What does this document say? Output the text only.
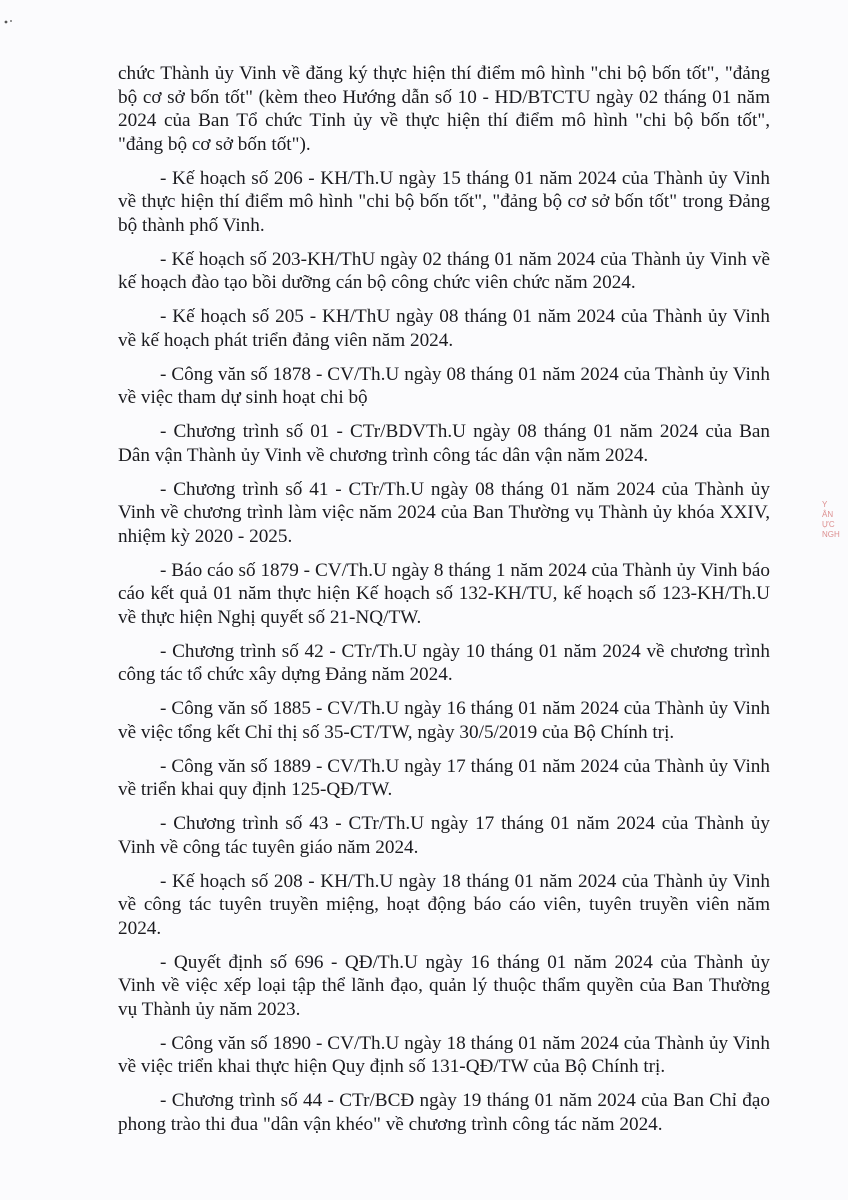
chức Thành ủy Vinh về đăng ký thực hiện thí điểm mô hình "chi bộ bốn tốt", "đảng bộ cơ sở bốn tốt" (kèm theo Hướng dẫn số 10 - HD/BTCTU ngày 02 tháng 01 năm 2024 của Ban Tổ chức Tỉnh ủy về thực hiện thí điểm mô hình "chi bộ bốn tốt", "đảng bộ cơ sở bốn tốt").

- Kế hoạch số 206 - KH/Th.U ngày 15 tháng 01 năm 2024 của Thành ủy Vinh về thực hiện thí điểm mô hình "chi bộ bốn tốt", "đảng bộ cơ sở bốn tốt" trong Đảng bộ thành phố Vinh.

- Kế hoạch số 203-KH/ThU ngày 02 tháng 01 năm 2024 của Thành ủy Vinh về kế hoạch đào tạo bồi dưỡng cán bộ công chức viên chức năm 2024.

- Kế hoạch số 205 - KH/ThU ngày 08 tháng 01 năm 2024 của Thành ủy Vinh về kế hoạch phát triển đảng viên năm 2024.

- Công văn số 1878 - CV/Th.U ngày 08 tháng 01 năm 2024 của Thành ủy Vinh về việc tham dự sinh hoạt chi bộ

- Chương trình số 01 - CTr/BDVTh.U ngày 08 tháng 01 năm 2024 của Ban Dân vận Thành ủy Vinh về chương trình công tác dân vận năm 2024.

- Chương trình số 41 - CTr/Th.U ngày 08 tháng 01 năm 2024 của Thành ủy Vinh về chương trình làm việc năm 2024 của Ban Thường vụ Thành ủy khóa XXIV, nhiệm kỳ 2020 - 2025.

- Báo cáo số 1879 - CV/Th.U ngày 8 tháng 1 năm 2024 của Thành ủy Vinh báo cáo kết quả 01 năm thực hiện Kế hoạch số 132-KH/TU, kế hoạch số 123-KH/Th.U về thực hiện Nghị quyết số 21-NQ/TW.

- Chương trình số 42 - CTr/Th.U ngày 10 tháng 01 năm 2024 về chương trình công tác tổ chức xây dựng Đảng năm 2024.

- Công văn số 1885 - CV/Th.U ngày 16 tháng 01 năm 2024 của Thành ủy Vinh về việc tổng kết Chỉ thị số 35-CT/TW, ngày 30/5/2019 của Bộ Chính trị.

- Công văn số 1889 - CV/Th.U ngày 17 tháng 01 năm 2024 của Thành ủy Vinh về triển khai quy định 125-QĐ/TW.

- Chương trình số 43 - CTr/Th.U ngày 17 tháng 01 năm 2024 của Thành ủy Vinh về công tác tuyên giáo năm 2024.

- Kế hoạch số 208 - KH/Th.U ngày 18 tháng 01 năm 2024 của Thành ủy Vinh về công tác tuyên truyền miệng, hoạt động báo cáo viên, tuyên truyền viên năm 2024.

- Quyết định số 696 - QĐ/Th.U ngày 16 tháng 01 năm 2024 của Thành ủy Vinh về việc xếp loại tập thể lãnh đạo, quản lý thuộc thẩm quyền của Ban Thường vụ Thành ủy năm 2023.

- Công văn số 1890 - CV/Th.U ngày 18 tháng 01 năm 2024 của Thành ủy Vinh về việc triển khai thực hiện Quy định số 131-QĐ/TW của Bộ Chính trị.

- Chương trình số 44 - CTr/BCĐ ngày 19 tháng 01 năm 2024 của Ban Chỉ đạo phong trào thi đua "dân vận khéo" về chương trình công tác năm 2024.

Y
ÂN
ỰC
NGH
